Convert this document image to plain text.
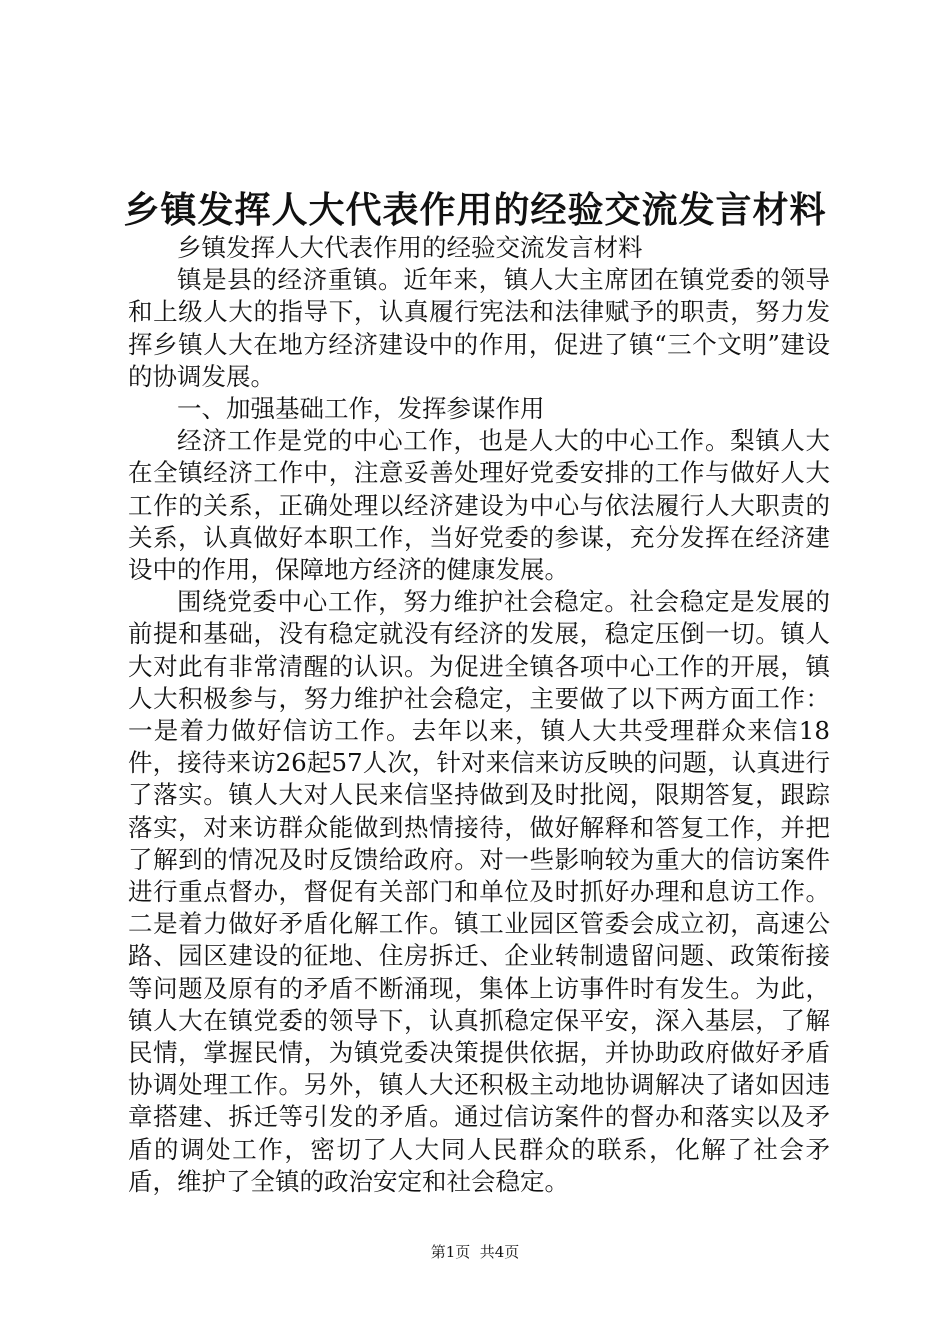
乡镇发挥人大代表作用的经验交流发言材料

乡镇发挥人大代表作用的经验交流发言材料

镇是县的经济重镇。近年来，镇人大主席团在镇党委的领导和上级人大的指导下，认真履行宪法和法律赋予的职责，努力发挥乡镇人大在地方经济建设中的作用，促进了镇“三个文明”建设的协调发展。

一、加强基础工作，发挥参谋作用

经济工作是党的中心工作，也是人大的中心工作。梨镇人大在全镇经济工作中，注意妥善处理好党委安排的工作与做好人大工作的关系，正确处理以经济建设为中心与依法履行人大职责的关系，认真做好本职工作，当好党委的参谋，充分发挥在经济建设中的作用，保障地方经济的健康发展。

围绕党委中心工作，努力维护社会稳定。社会稳定是发展的前提和基础，没有稳定就没有经济的发展，稳定压倒一切。镇人大对此有非常清醒的认识。为促进全镇各项中心工作的开展，镇人大积极参与，努力维护社会稳定，主要做了以下两方面工作：一是着力做好信访工作。去年以来，镇人大共受理群众来信18件，接待来访26起57人次，针对来信来访反映的问题，认真进行了落实。镇人大对人民来信坚持做到及时批阅，限期答复，跟踪落实，对来访群众能做到热情接待，做好解释和答复工作，并把了解到的情况及时反馈给政府。对一些影响较为重大的信访案件进行重点督办，督促有关部门和单位及时抓好办理和息访工作。二是着力做好矛盾化解工作。镇工业园区管委会成立初，高速公路、园区建设的征地、住房拆迁、企业转制遗留问题、政策衔接等问题及原有的矛盾不断涌现，集体上访事件时有发生。为此，镇人大在镇党委的领导下，认真抓稳定保平安，深入基层，了解民情，掌握民情，为镇党委决策提供依据，并协助政府做好矛盾协调处理工作。另外，镇人大还积极主动地协调解决了诸如因违章搭建、拆迁等引发的矛盾。通过信访案件的督办和落实以及矛盾的调处工作，密切了人大同人民群众的联系，化解了社会矛盾，维护了全镇的政治安定和社会稳定。

第1页  共4页
